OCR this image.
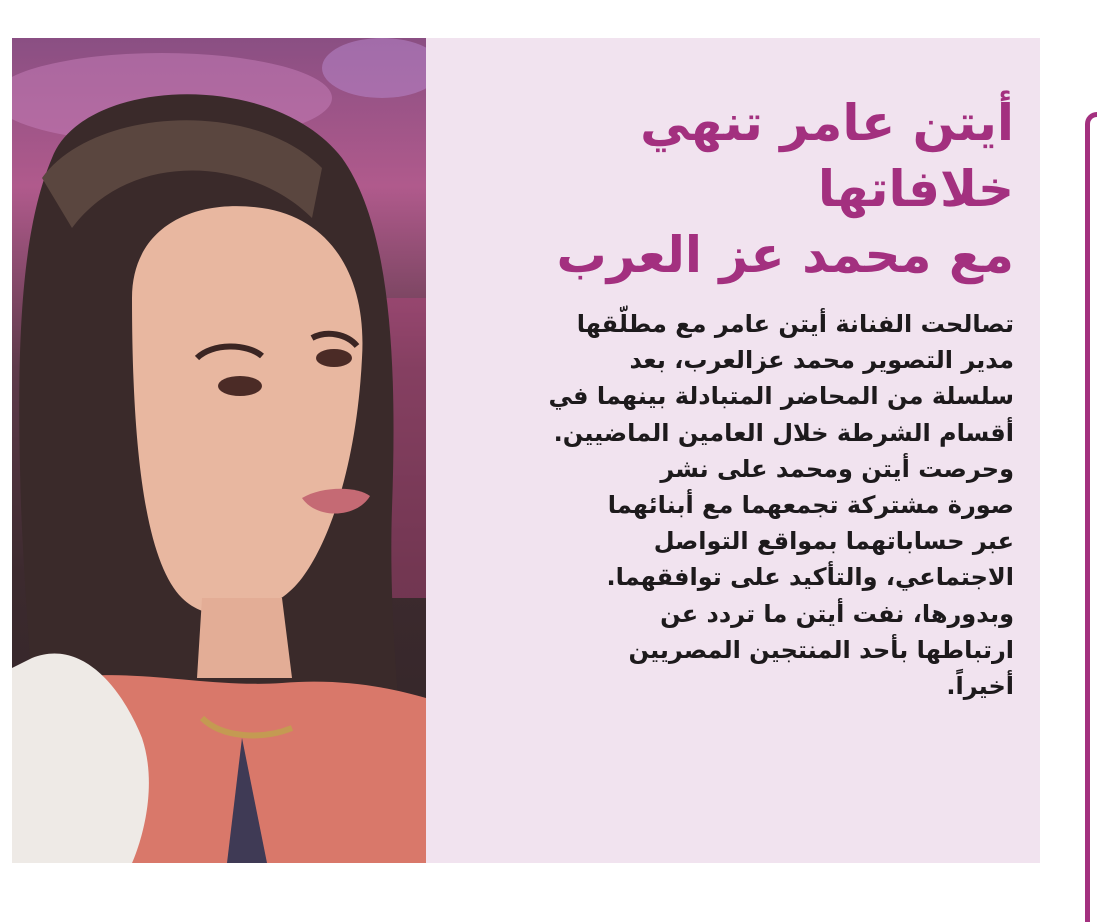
أيتن عامر تنهي خلافاتها
مع محمد عز العرب

تصالحت الفنانة أيتن عامر مع مطلّقها
مدير التصوير محمد عزالعرب، بعد
سلسلة من المحاضر المتبادلة بينهما في
أقسام الشرطة خلال العامين الماضيين.
وحرصت أيتن ومحمد على نشر
صورة مشتركة تجمعهما مع أبنائهما
عبر حساباتهما بمواقع التواصل
الاجتماعي، والتأكيد على توافقهما.
وبدورها، نفت أيتن ما تردد عن
ارتباطها بأحد المنتجين المصريين
أخيراً.
